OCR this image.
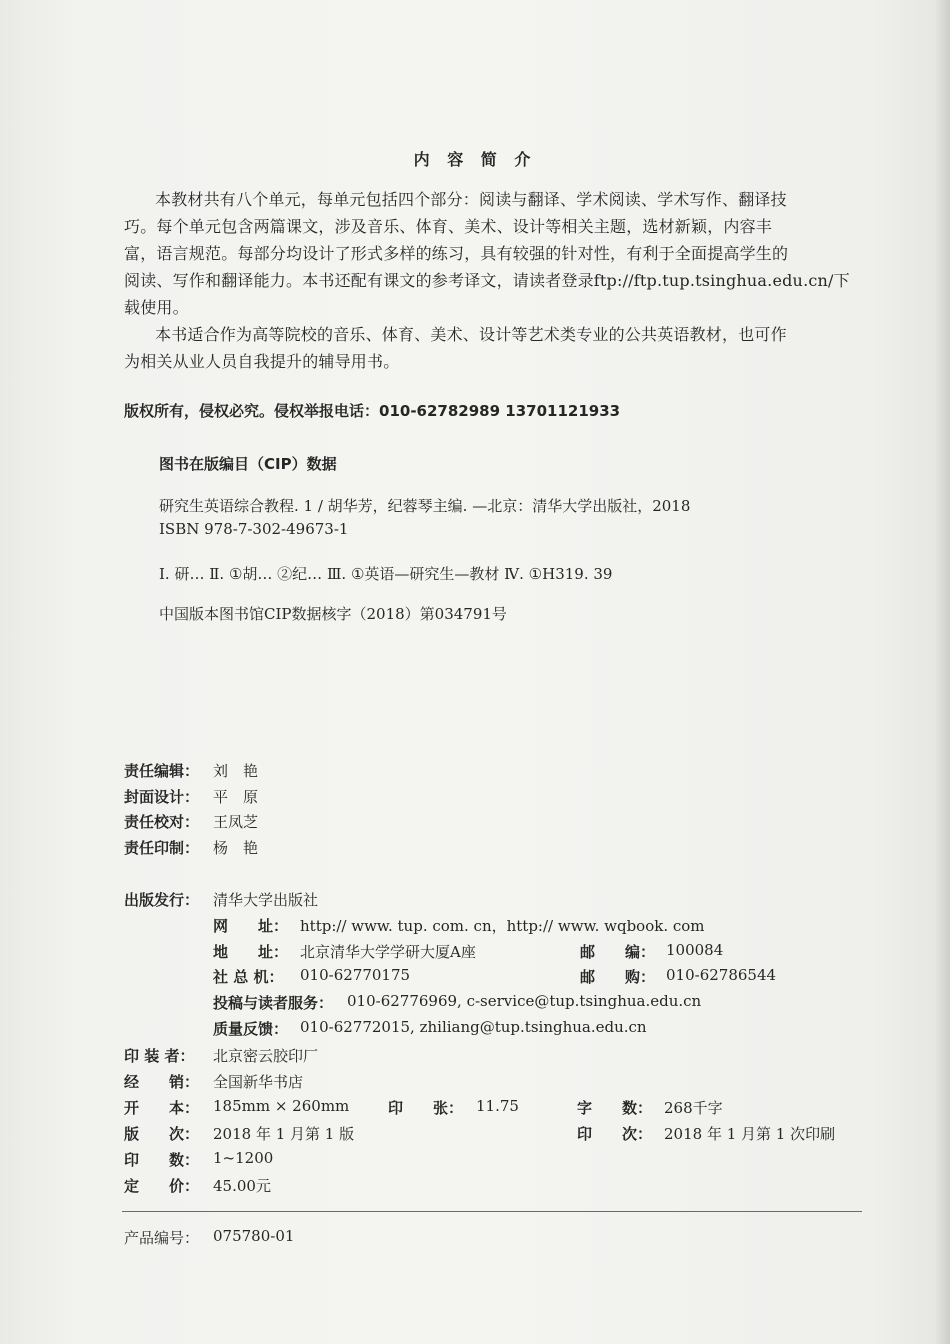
内 容 简 介
本教材共有八个单元，每单元包括四个部分：阅读与翻译、学术阅读、学术写作、翻译技
巧。每个单元包含两篇课文，涉及音乐、体育、美术、设计等相关主题，选材新颖，内容丰
富，语言规范。每部分均设计了形式多样的练习，具有较强的针对性，有利于全面提高学生的
阅读、写作和翻译能力。本书还配有课文的参考译文，请读者登录ftp://ftp.tup.tsinghua.edu.cn/下
载使用。
本书适合作为高等院校的音乐、体育、美术、设计等艺术类专业的公共英语教材，也可作
为相关从业人员自我提升的辅导用书。
版权所有，侵权必究。侵权举报电话：010-62782989 13701121933
图书在版编目（CIP）数据
研究生英语综合教程. 1 / 胡华芳，纪蓉琴主编. —北京：清华大学出版社，2018
ISBN 978-7-302-49673-1
Ⅰ. 研… Ⅱ. ①胡… ②纪… Ⅲ. ①英语—研究生—教材 Ⅳ. ①H319. 39
中国版本图书馆CIP数据核字（2018）第034791号
责任编辑： 刘　艳
封面设计： 平　原
责任校对： 王凤芝
责任印制： 杨　艳
出版发行： 清华大学出版社
网　　址： http:// www. tup. com. cn，http:// www. wqbook. com
地　　址： 北京清华大学学研大厦A座	邮　　编： 100084
社 总 机： 010-62770175	邮　　购： 010-62786544
投稿与读者服务： 010-62776969, c-service@tup.tsinghua.edu.cn
质量反馈： 010-62772015, zhiliang@tup.tsinghua.edu.cn
印 装 者： 北京密云胶印厂
经　　销： 全国新华书店
开　　本： 185mm × 260mm	印　　张： 11.75	字　　数： 268千字
版　　次： 2018 年 1 月第 1 版	印　　次： 2018 年 1 月第 1 次印刷
印　　数： 1~1200
定　　价： 45.00元
产品编号： 075780-01
